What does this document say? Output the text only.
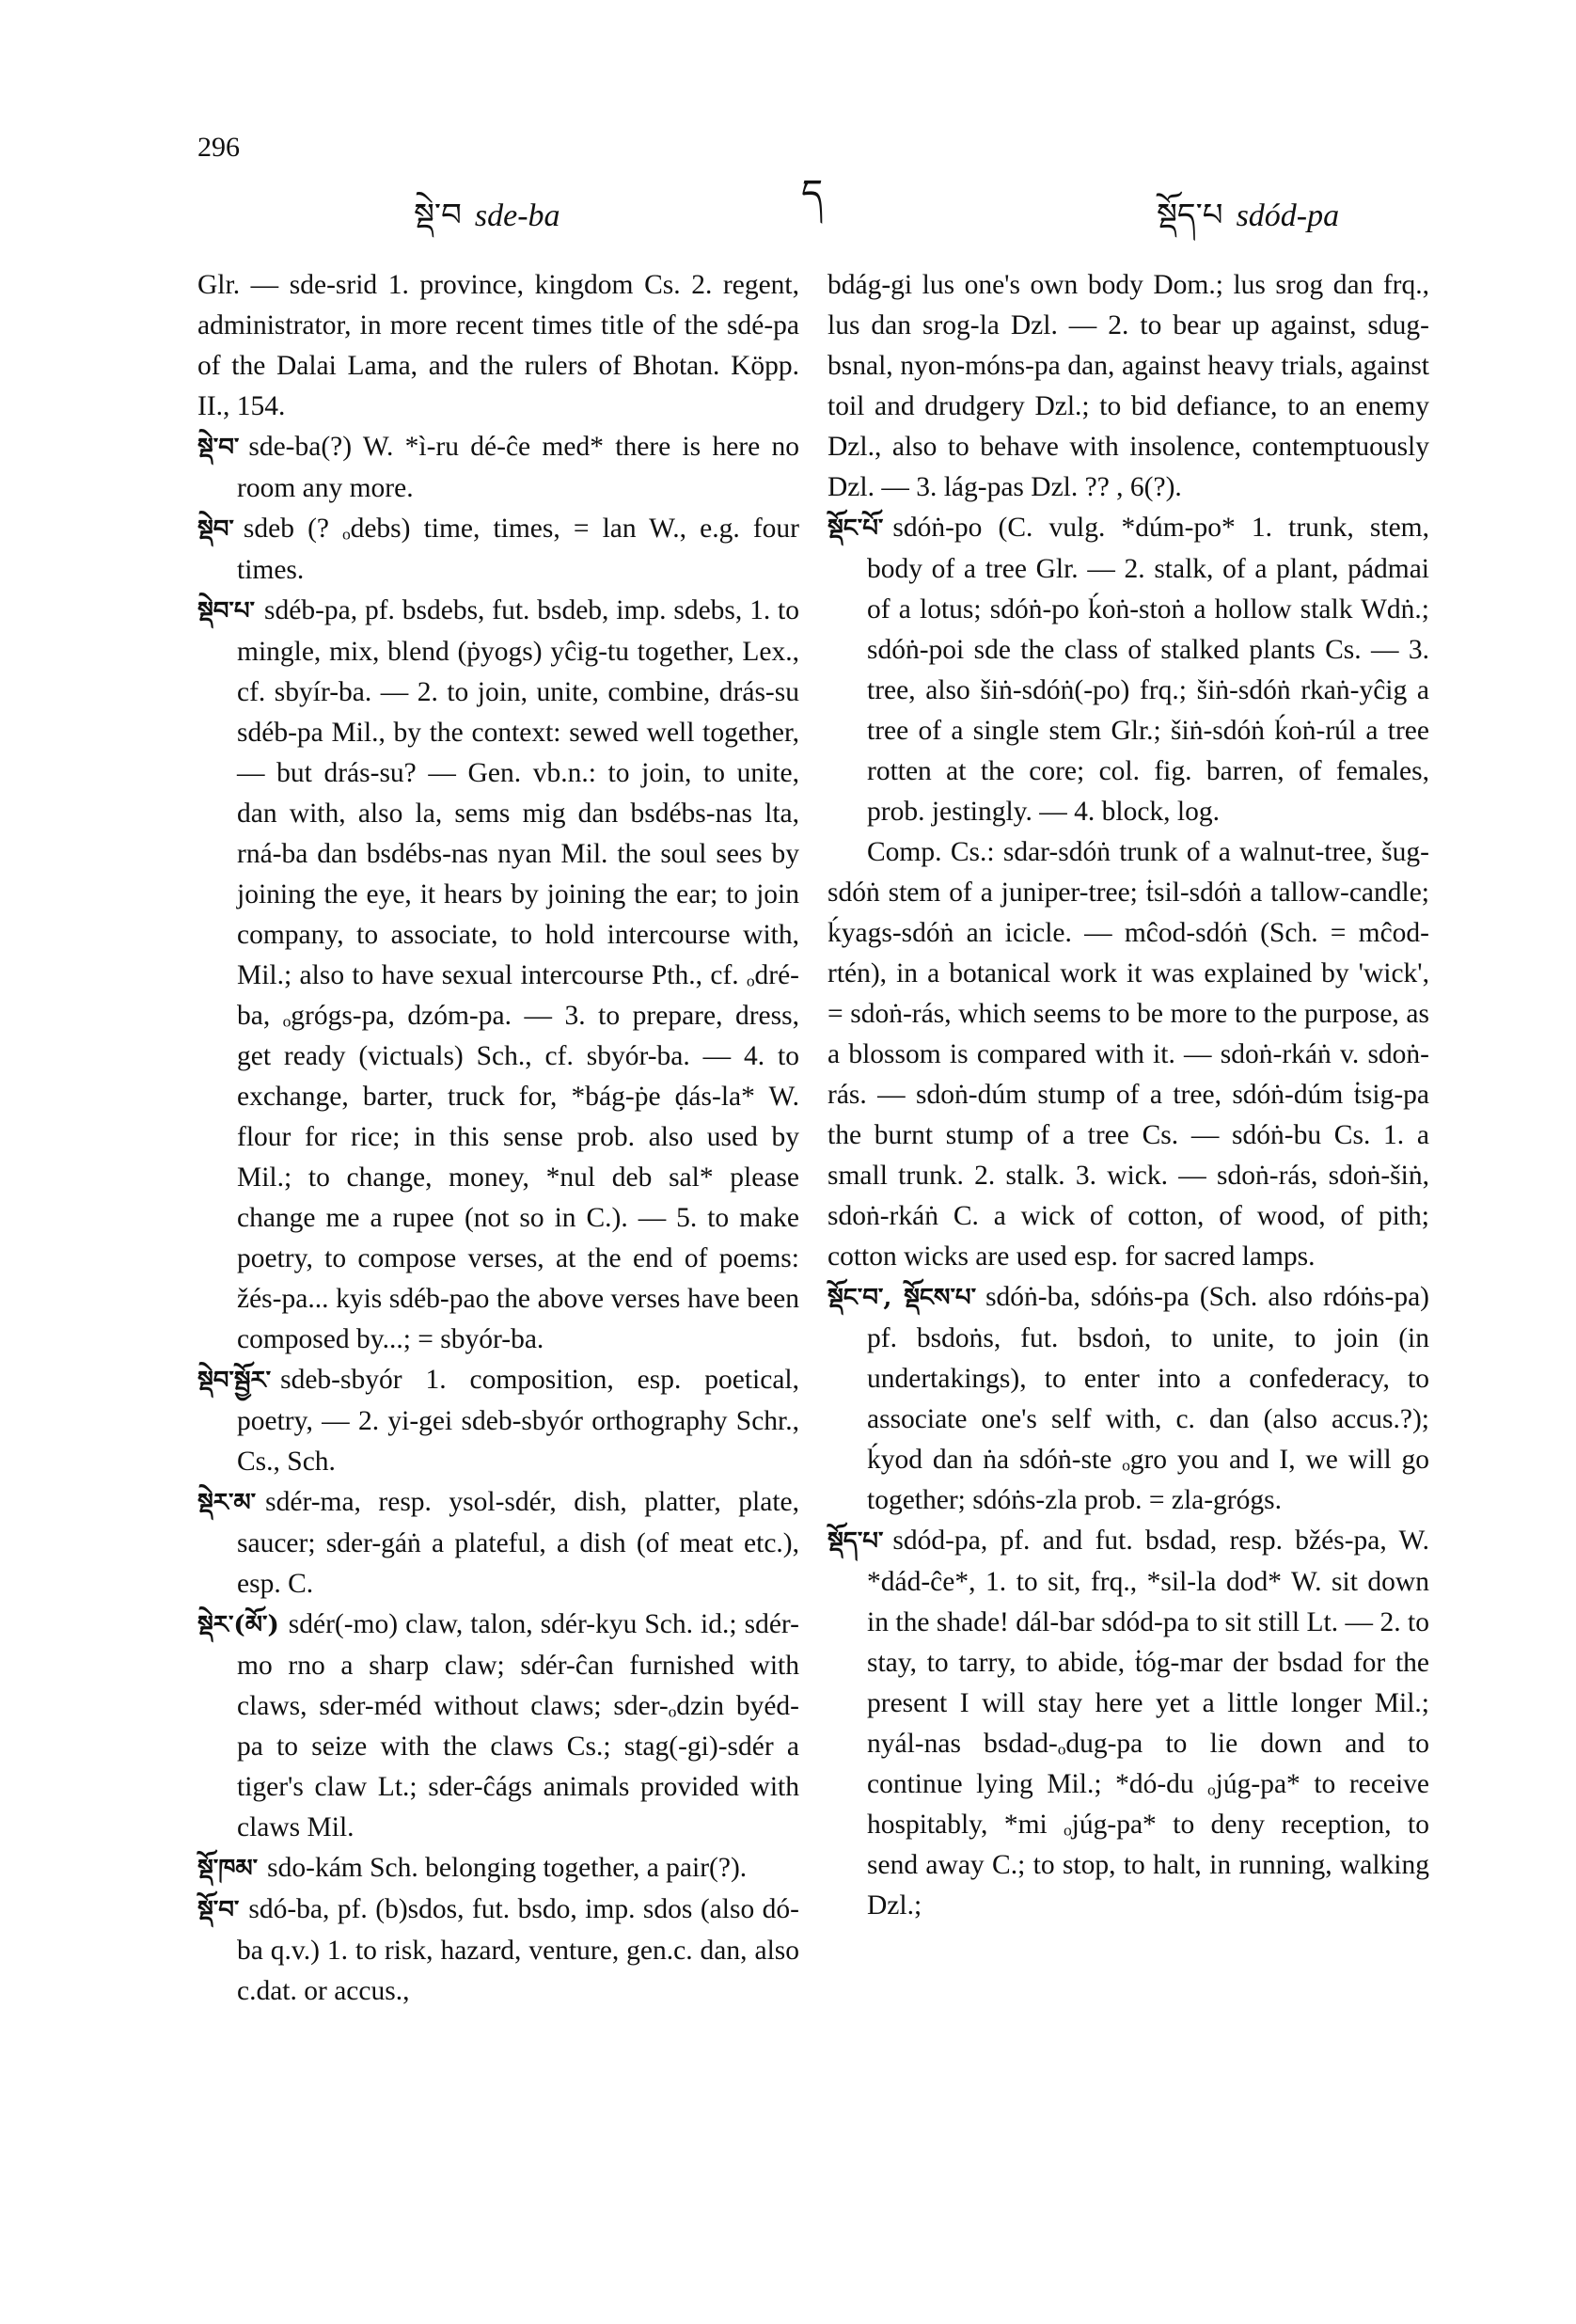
296
སྡེ་བ sde-ba
ད	སྡོད་པ sdód-pa

Glr. — sde-srid 1. province, kingdom Cs. 2. regent, administrator, in more recent times title of the sdé-pa of the Dalai Lama, and the rulers of Bhotan. Köpp. II., 154.

སྡེ་བ་ sde-ba(?) W. *ì-ru dé-ĉe med* there is here no room any more.

སྡེབ་ sdeb (? ₒdebs) time, times, = lan W., e.g. four times.

སྡེབ་པ་ sdéb-pa, pf. bsdebs, fut. bsdeb, imp. sdebs, 1. to mingle, mix, blend (ṗyogs) yĉig-tu together, Lex., cf. sbyír-ba. — 2. to join, unite, combine, drás-su sdéb-pa Mil., by the context: sewed well together, — but drás-su? — Gen. vb.n.: to join, to unite, dan with, also la, sems mig dan bsdébs-nas lta, rná-ba dan bsdébs-nas nyan Mil. the soul sees by joining the eye, it hears by joining the ear; to join company, to associate, to hold intercourse with, Mil.; also to have sexual intercourse Pth., cf. ₒdré-ba, ₒgrógs-pa, dzóm-pa. — 3. to prepare, dress, get ready (victuals) Sch., cf. sbyór-ba. — 4. to exchange, barter, truck for, *bág-ṗe ḍás-la* W. flour for rice; in this sense prob. also used by Mil.; to change, money, *nul deb sal* please change me a rupee (not so in C.). — 5. to make poetry, to compose verses, at the end of poems: žés-pa... kyis sdéb-pao the above verses have been composed by...; = sbyór-ba.

སྡེབ་སྦྱོར་ sdeb-sbyór 1. composition, esp. poetical, poetry, — 2. yi-gei sdeb-sbyór orthography Schr., Cs., Sch.

སྡེར་མ་ sdér-ma, resp. ysol-sdér, dish, platter, plate, saucer; sder-gáṅ a plateful, a dish (of meat etc.), esp. C.

སྡེར་(མོ་) sdér(-mo) claw, talon, sdér-kyu Sch. id.; sdér-mo rno a sharp claw; sdér-ĉan furnished with claws, sder-méd without claws; sder-ₒdzin byéd-pa to seize with the claws Cs.; stag(-gi)-sdér a tiger's claw Lt.; sder-ĉágs animals provided with claws Mil.

སྡོ་ཁམ་ sdo-kám Sch. belonging together, a pair(?).

སྡོ་བ་ sdó-ba, pf. (b)sdos, fut. bsdo, imp. sdos (also dó-ba q.v.) 1. to risk, hazard, venture, gen.c. dan, also c.dat. or accus.,

bdág-gi lus one's own body Dom.; lus srog dan frq., lus dan srog-la Dzl. — 2. to bear up against, sdug-bsnal, nyon-móns-pa dan, against heavy trials, against toil and drudgery Dzl.; to bid defiance, to an enemy Dzl., also to behave with insolence, contemptuously Dzl. — 3. lág-pas Dzl. ?? , 6(?).

སྡོང་པོ་ sdóṅ-po (C. vulg. *dúm-po* 1. trunk, stem, body of a tree Glr. — 2. stalk, of a plant, pádmai of a lotus; sdóṅ-po ḱoṅ-stoṅ a hollow stalk Wdṅ.; sdóṅ-poi sde the class of stalked plants Cs. — 3. tree, also šiṅ-sdóṅ(-po) frq.; šiṅ-sdóṅ rkaṅ-yĉig a tree of a single stem Glr.; šiṅ-sdóṅ ḱoṅ-rúl a tree rotten at the core; col. fig. barren, of females, prob. jestingly. — 4. block, log.

Comp. Cs.: sdar-sdóṅ trunk of a walnut-tree, šug-sdóṅ stem of a juniper-tree; ṫsil-sdóṅ a tallow-candle; ḱyags-sdóṅ an icicle. — mĉod-sdóṅ (Sch. = mĉod-rtén), in a botanical work it was explained by 'wick', = sdoṅ-rás, which seems to be more to the purpose, as a blossom is compared with it. — sdoṅ-rkáṅ v. sdoṅ-rás. — sdoṅ-dúm stump of a tree, sdóṅ-dúm ṫsig-pa the burnt stump of a tree Cs. — sdóṅ-bu Cs. 1. a small trunk. 2. stalk. 3. wick. — sdoṅ-rás, sdoṅ-šiṅ, sdoṅ-rkáṅ C. a wick of cotton, of wood, of pith; cotton wicks are used esp. for sacred lamps.

སྡོང་བ་, སྡོངས་པ་ sdóṅ-ba, sdóṅs-pa (Sch. also rdóṅs-pa) pf. bsdoṅs, fut. bsdoṅ, to unite, to join (in undertakings), to enter into a confederacy, to associate one's self with, c. dan (also accus.?); ḱyod dan ṅa sdóṅ-ste ₒgro you and I, we will go together; sdóṅs-zla prob. = zla-grógs.

སྡོད་པ་ sdód-pa, pf. and fut. bsdad, resp. bžés-pa, W. *dád-ĉe*, 1. to sit, frq., *sil-la dod* W. sit down in the shade! dál-bar sdód-pa to sit still Lt. — 2. to stay, to tarry, to abide, ṫóg-mar der bsdad for the present I will stay here yet a little longer Mil.; nyál-nas bsdad-ₒdug-pa to lie down and to continue lying Mil.; *dó-du ₒjúg-pa* to receive hospitably, *mi ₒjúg-pa* to deny reception, to send away C.; to stop, to halt, in running, walking Dzl.;
